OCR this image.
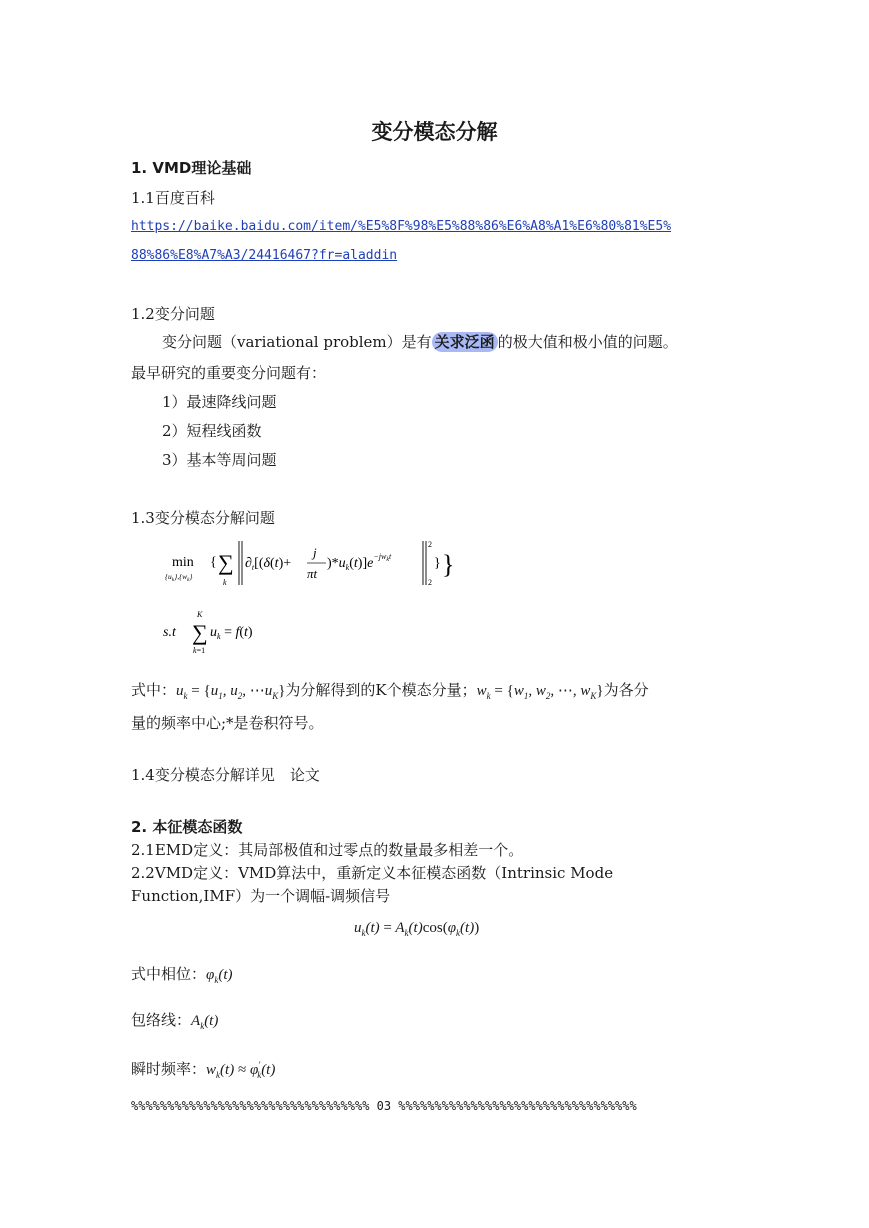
变分模态分解
1. VMD理论基础
1.1百度百科
https://baike.baidu.com/item/%E5%8F%98%E5%88%86%E6%A8%A1%E6%80%81%E5%
88%86%E8%A7%A3/24416467?fr=aladdin
1.2变分问题
变分问题（variational problem）是有 关求泛函 的极大值和极小值的问题。
最早研究的重要变分问题有：
1）最速降线问题
2）短程线函数
3）基本等周问题
1.3变分模态分解问题
min
$\{u_k\},\{w_k\}$
{ ∑
k
$\partial_t[(\delta(t)+$
j
πt
)$*u_k(t)]e^{-jw}kt$
2
2
} }
s.t
K
∑
k=1
$u_k = f(t)$
式中：$u_k = \{u_1$, $u_2$, $\cdots u_K$}为分解得到的K个模态分量；$w_k = \{w_1$, $w_2$, ⋯, $w_K$}为各分
量的频率中心;*是卷积符号。
1.4变分模态分解详见　论文
2. 本征模态函数
2.1EMD定义：其局部极值和过零点的数量最多相差一个。
2.2VMD定义：VMD算法中，重新定义本征模态函数（Intrinsic Mode
Function,IMF）为一个调幅-调频信号
$u_k(t) = A_k(t)\cos(\varphi_k(t))$
式中相位：$\varphi_k(t)$
包络线：$A_k(t)$
瞬时频率：$w_k(t) \approx \varphi'_k(t)$
%%%%%%%%%%%%%%%%%%%%%%%%%%%%%%%%% 03 %%%%%%%%%%%%%%%%%%%%%%%%%%%%%%%%%
